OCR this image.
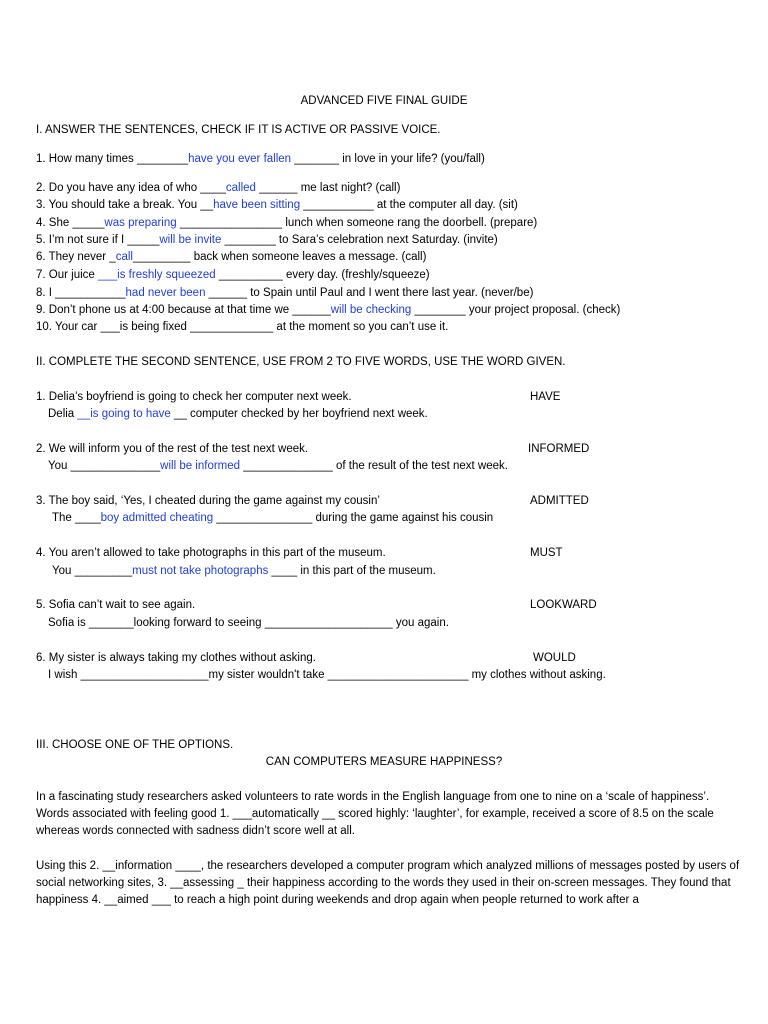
ADVANCED FIVE FINAL GUIDE
I. ANSWER THE SENTENCES, CHECK IF IT IS ACTIVE OR PASSIVE VOICE.
1. How many times ________have you ever fallen _______ in love in your life? (you/fall)
2. Do you have any idea of who ____called ______ me last night? (call)
3. You should take a break. You __have been sitting ___________ at the computer all day. (sit)
4. She _____was preparing ________________ lunch when someone rang the doorbell. (prepare)
5. I’m not sure if I _____will be invite ________ to Sara’s celebration next Saturday. (invite)
6. They never _call_________ back when someone leaves a message. (call)
7. Our juice ___is freshly squeezed __________ every day. (freshly/squeeze)
8. I ___________had never been ______ to Spain until Paul and I went there last year. (never/be)
9. Don’t phone us at 4:00 because at that time we ______will be checking ________ your project proposal. (check)
10. Your car ___is being fixed _____________ at the moment so you can’t use it.
II. COMPLETE THE SECOND SENTENCE, USE FROM 2 TO FIVE WORDS, USE THE WORD GIVEN.
1. Delia’s boyfriend is going to check her computer next week.	HAVE
Delia __is going to have __ computer checked by her boyfriend next week.
2. We will inform you of the rest of the test next week.	INFORMED
You ______________will be informed ______________ of the result of the test next week.
3. The boy said, ‘Yes, I cheated during the game against my cousin’	ADMITTED
The ____boy admitted cheating _______________ during the game against his cousin
4. You aren’t allowed to take photographs in this part of the museum.	MUST
You _________must not take photographs ____ in this part of the museum.
5. Sofia can’t wait to see again.	LOOKWARD
Sofia is _______looking forward to seeing ____________________ you again.
6. My sister is always taking my clothes without asking.	WOULD
I wish ____________________my sister wouldn't take ______________________ my clothes without asking.
III. CHOOSE ONE OF THE OPTIONS.
CAN COMPUTERS MEASURE HAPPINESS?
In a fascinating study researchers asked volunteers to rate words in the English language from one to nine on a ‘scale of happiness’. Words associated with feeling good 1. ___automatically __ scored highly: ‘laughter’, for example, received a score of 8.5 on the scale whereas words connected with sadness didn’t score well at all.
Using this 2. __information ____, the researchers developed a computer program which analyzed millions of messages posted by users of social networking sites, 3. __assessing _ their happiness according to the words they used in their on-screen messages. They found that happiness 4. __aimed ___ to reach a high point during weekends and drop again when people returned to work after a
